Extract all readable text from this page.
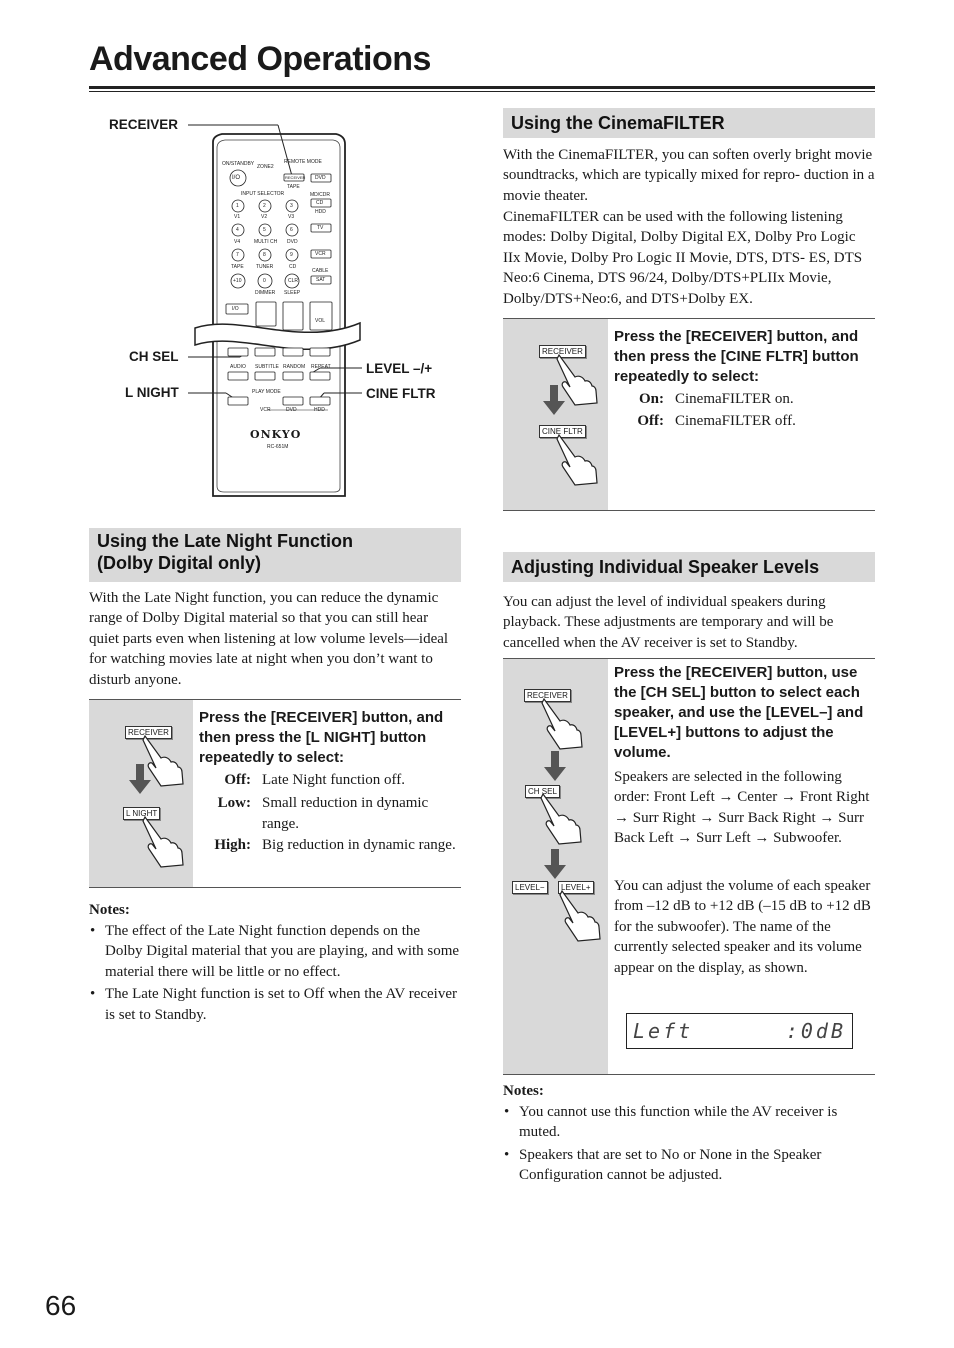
Advanced Operations
RECEIVER
CH SEL
L NIGHT
LEVEL –/+
CINE FLTR
ON/STANDBY ZONE2
REMOTE MODE
I/O	RECEIVER
TAPE
DVD
INPUT SELECTOR	MD/CDR
CD
HDD
TV
VCR
CABLE
SAT
1	2	3
V1	V2	V3
4	5	6
V4	MULTI CH DVD
7	8	9
TAPE TUNER	CD
+10	0	CLR
DIMMER SLEEP
I/O
VOL
AUDIO SUBTITLE RANDOM REPEAT
PLAY MODE
VCR	DVD	HDD
ONKYO
RC-651M
Using the CinemaFILTER
With the CinemaFILTER, you can soften overly bright movie soundtracks, which are typically mixed for repro- duction in a movie theater.
CinemaFILTER can be used with the following listening modes: Dolby Digital, Dolby Digital EX, Dolby Pro Logic IIx Movie, Dolby Pro Logic II Movie, DTS, DTS- ES, DTS Neo:6 Cinema, DTS 96/24, Dolby/DTS+PLIIx Movie, Dolby/DTS+Neo:6, and DTS+Dolby EX.
RECEIVER
CINE FLTR
Press the [RECEIVER] button, and then press the [CINE FLTR] button repeatedly to select:
On: CinemaFILTER on.
Off: CinemaFILTER off.
Using the Late Night Function
(Dolby Digital only)
With the Late Night function, you can reduce the dynamic range of Dolby Digital material so that you can still hear quiet parts even when listening at low volume levels—ideal for watching movies late at night when you don’t want to disturb anyone.
RECEIVER
L NIGHT
Press the [RECEIVER] button, and then press the [L NIGHT] button repeatedly to select:
Off: Late Night function off.
Low: Small reduction in dynamic range.
High: Big reduction in dynamic range.
Notes:
• The effect of the Late Night function depends on the Dolby Digital material that you are playing, and with some material there will be little or no effect.
• The Late Night function is set to Off when the AV receiver is set to Standby.
Adjusting Individual Speaker Levels
You can adjust the level of individual speakers during playback. These adjustments are temporary and will be cancelled when the AV receiver is set to Standby.
RECEIVER
CH SEL
LEVEL−	LEVEL+
Press the [RECEIVER] button, use the [CH SEL] button to select each speaker, and use the [LEVEL–] and [LEVEL+] buttons to adjust the volume.
Speakers are selected in the following order: Front Left → Center → Front Right → Surr Right → Surr Back Right → Surr Back Left → Surr Left → Subwoofer.
You can adjust the volume of each speaker from –12 dB to +12 dB (–15 dB to +12 dB for the subwoofer). The name of the currently selected speaker and its volume appear on the display, as shown.
Left	:0dB
Notes:
• You cannot use this function while the AV receiver is muted.
• Speakers that are set to No or None in the Speaker Configuration cannot be adjusted.
66
